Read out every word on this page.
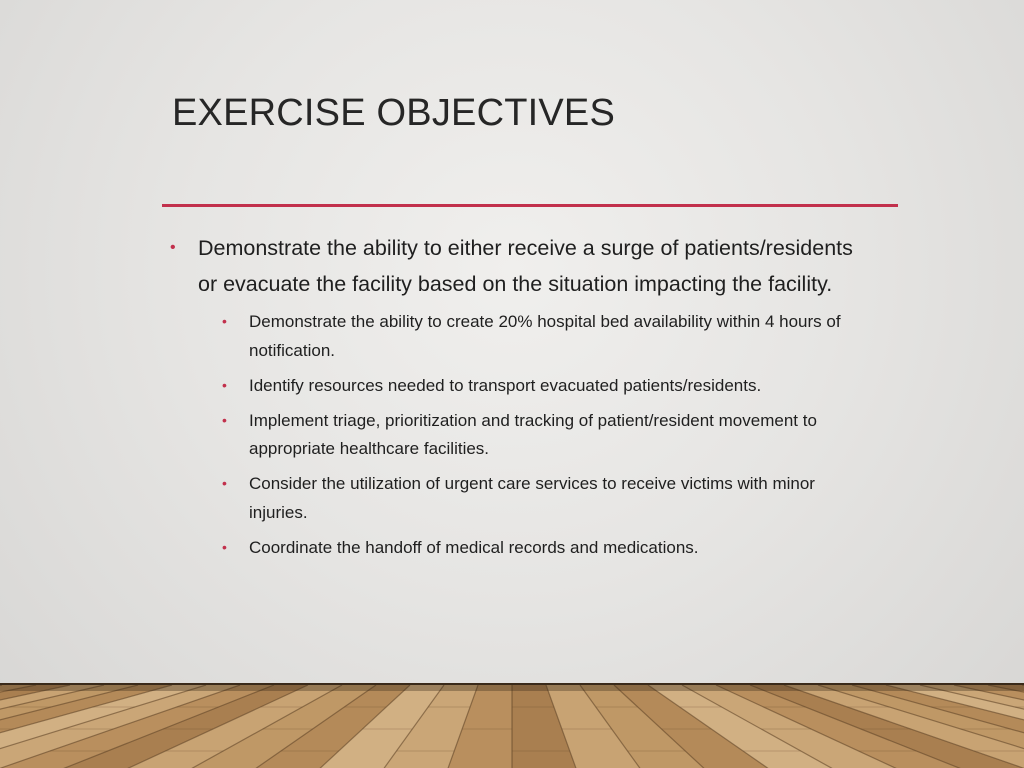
EXERCISE OBJECTIVES
• Demonstrate the ability to either receive a surge of patients/residents or evacuate the facility based on the situation impacting the facility.
• Demonstrate the ability to create 20% hospital bed availability within 4 hours of notification.
• Identify resources needed to transport evacuated patients/residents.
• Implement triage, prioritization and tracking of patient/resident movement to appropriate healthcare facilities.
• Consider the utilization of urgent care services to receive victims with minor injuries.
• Coordinate the handoff of medical records and medications.
